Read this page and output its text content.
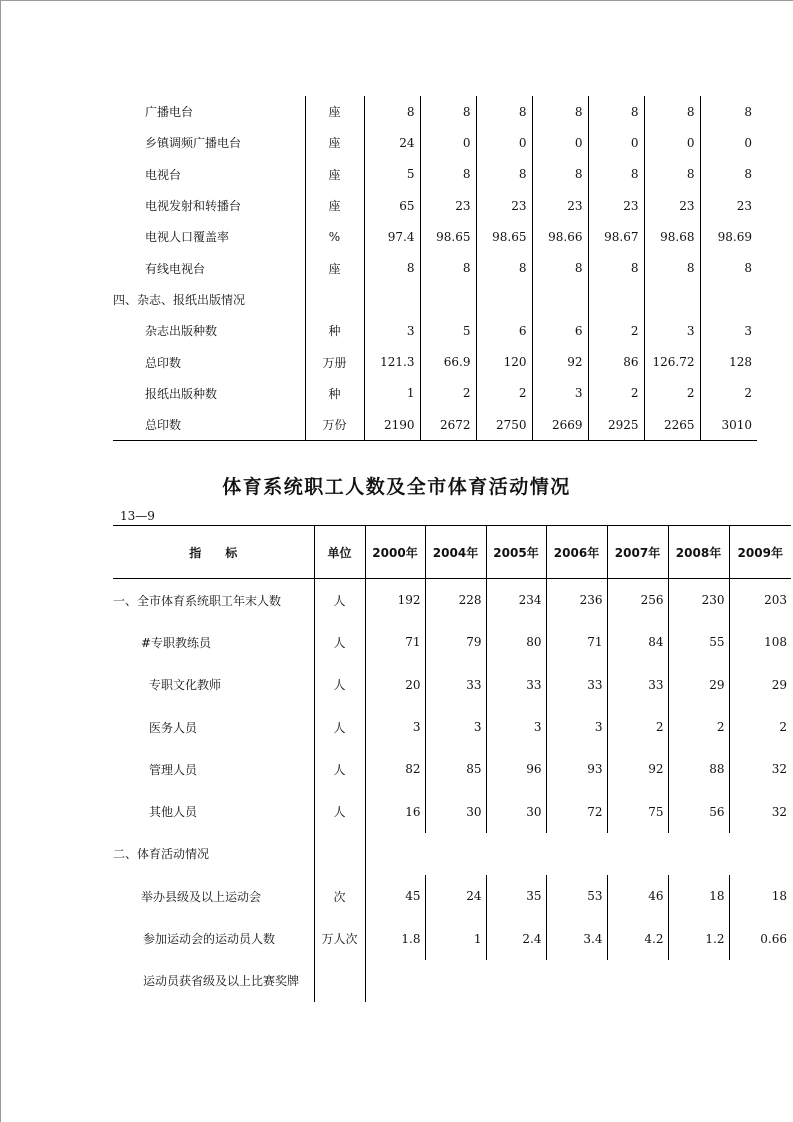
广播电台	座	8	8	8	8	8	8	8
乡镇调频广播电台	座	24	0	0	0	0	0	0
电视台	座	5	8	8	8	8	8	8
电视发射和转播台	座	65	23	23	23	23	23	23
电视人口覆盖率	%	97.4	98.65	98.65	98.66	98.67	98.68	98.69
有线电视台	座	8	8	8	8	8	8	8
四、杂志、报纸出版情况								
杂志出版种数	种	3	5	6	6	2	3	3
总印数	万册	121.3	66.9	120	92	86	126.72	128
报纸出版种数	种	1	2	2	3	2	2	2
总印数	万份	2190	2672	2750	2669	2925	2265	3010
体育系统职工人数及全市体育活动情况
13—9
指　　标	单位	2000年	2004年	2005年	2006年	2007年	2008年	2009年
一、全市体育系统职工年末人数	人	192	228	234	236	256	230	203
#专职教练员	人	71	79	80	71	84	55	108
专职文化教师	人	20	33	33	33	33	29	29
医务人员	人	3	3	3	3	2	2	2
管理人员	人	82	85	96	93	92	88	32
其他人员	人	16	30	30	72	75	56	32
二、体育活动情况								
举办县级及以上运动会	次	45	24	35	53	46	18	18
参加运动会的运动员人数	万人次	1.8	1	2.4	3.4	4.2	1.2	0.66
运动员获省级及以上比赛奖牌								
